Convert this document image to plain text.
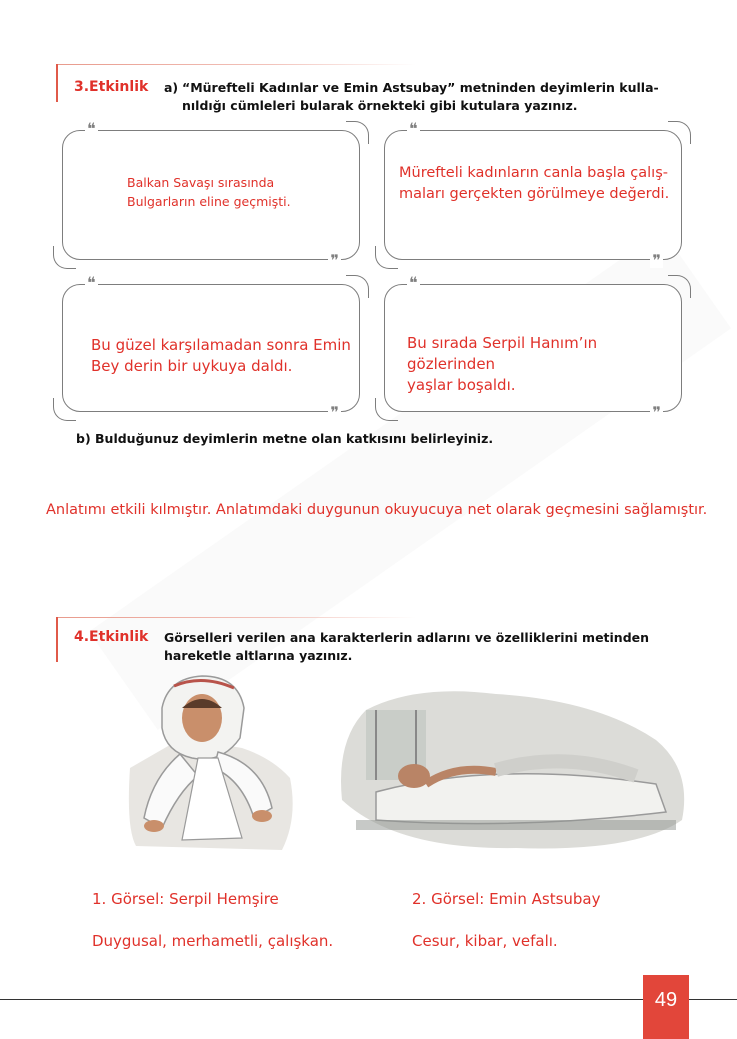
3.Etkinlik a) “Mürefteli Kadınlar ve Emin Astsubay” metninden deyimlerin kulla-
nıldığı cümleleri bularak örnekteki gibi kutulara yazınız.
❝
❞
Balkan Savaşı sırasında
Bulgarların eline geçmişti.
❝
❞
Mürefteli kadınların canla başla çalış-
maları gerçekten görülmeye değerdi.
❝
❞
Bu güzel karşılamadan sonra Emin
Bey derin bir uykuya daldı.
❝
❞
Bu sırada Serpil Hanım’ın gözlerinden
yaşlar boşaldı.
b) Bulduğunuz deyimlerin metne olan katkısını belirleyiniz.
Anlatımı etkili kılmıştır. Anlatımdaki duygunun okuyucuya net olarak geçmesini sağlamıştır.
4.Etkinlik Görselleri verilen ana karakterlerin adlarını ve özelliklerini metinden
hareketle altlarına yazınız.
1. Görsel: Serpil Hemşire
Duygusal, merhametli, çalışkan.
2. Görsel: Emin Astsubay
Cesur, kibar, vefalı.
49
